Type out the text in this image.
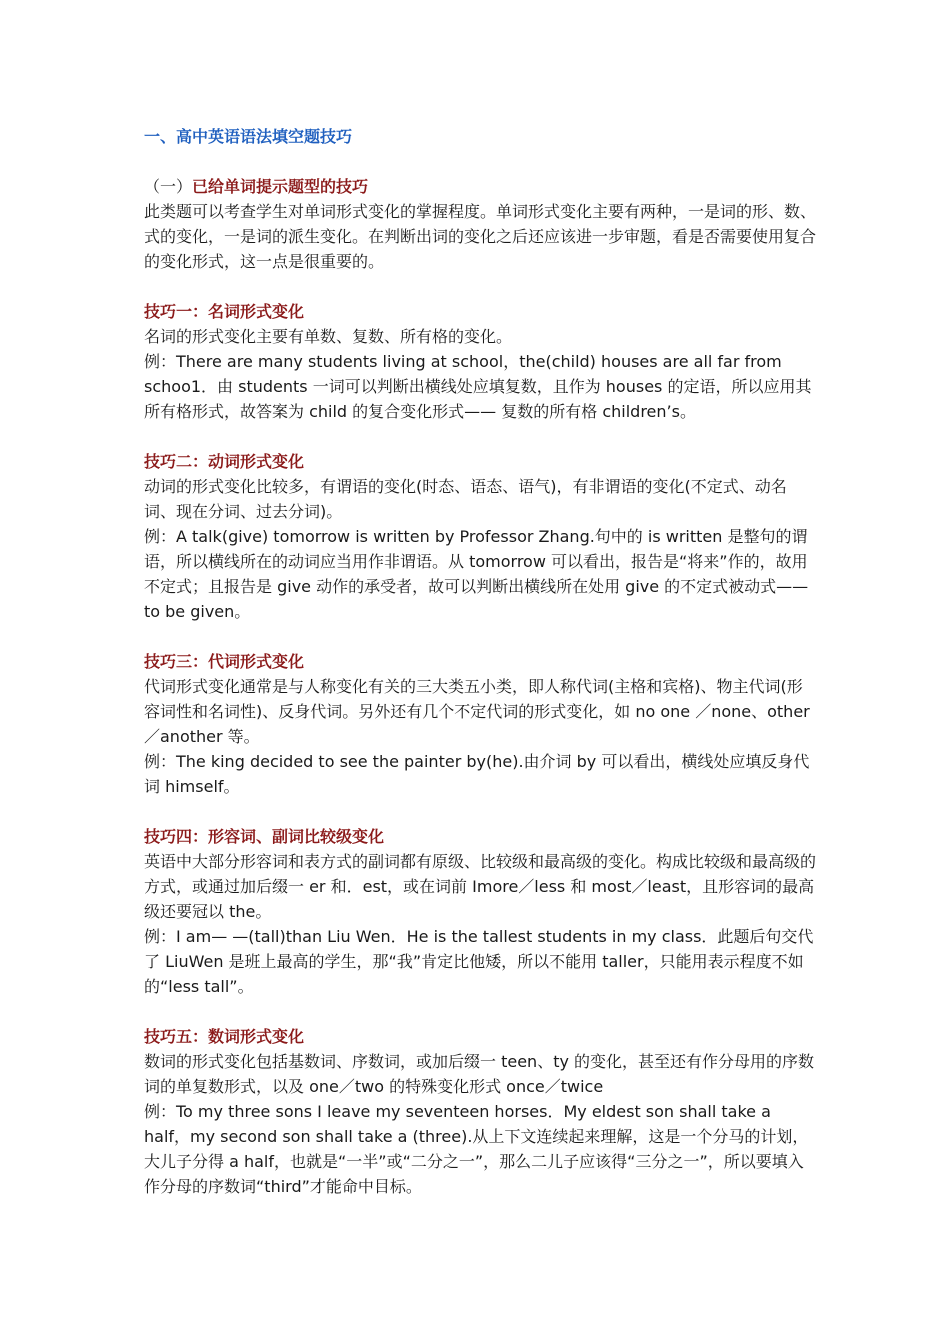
一、高中英语语法填空题技巧
（一）已给单词提示题型的技巧

此类题可以考查学生对单词形式变化的掌握程度。单词形式变化主要有两种，一是词的形、数、式的变化，一是词的派生变化。在判断出词的变化之后还应该进一步审题，看是否需要使用复合的变化形式，这一点是很重要的。

技巧一：名词形式变化

名词的形式变化主要有单数、复数、所有格的变化。

例：There are many students living at school，the(child) houses are all far from schoo1．由 students 一词可以判断出横线处应填复数，且作为 houses 的定语，所以应用其所有格形式，故答案为 child 的复合变化形式—— 复数的所有格 children’s。

技巧二：动词形式变化

动词的形式变化比较多，有谓语的变化(时态、语态、语气)，有非谓语的变化(不定式、动名词、现在分词、过去分词)。

例：A talk(give) tomorrow is written by Professor Zhang.句中的 is written 是整句的谓语，所以横线所在的动词应当用作非谓语。从 tomorrow 可以看出，报告是“将来”作的，故用不定式；且报告是 give 动作的承受者，故可以判断出横线所在处用 give 的不定式被动式——to be given。

技巧三：代词形式变化

代词形式变化通常是与人称变化有关的三大类五小类，即人称代词(主格和宾格)、物主代词(形容词性和名词性)、反身代词。另外还有几个不定代词的形式变化，如 no one ／none、other／another 等。

例：The king decided to see the painter by(he).由介词 by 可以看出，横线处应填反身代词 himself。

技巧四：形容词、副词比较级变化

英语中大部分形容词和表方式的副词都有原级、比较级和最高级的变化。构成比较级和最高级的方式，或通过加后缀一 er 和．est，或在词前 Imore／less 和 most／least，且形容词的最高级还要冠以 the。

例：I am— —(tall)than Liu Wen．He is the tallest students in my class．此题后句交代了 LiuWen 是班上最高的学生，那“我”肯定比他矮，所以不能用 taller，只能用表示程度不如的“less tall”。

技巧五：数词形式变化

数词的形式变化包括基数词、序数词，或加后缀一 teen、ty 的变化，甚至还有作分母用的序数词的单复数形式，以及 one／two 的特殊变化形式 once／twice

例：To my three sons I leave my seventeen horses．My eldest son shall take a half，my second son shall take a (three).从上下文连续起来理解，这是一个分马的计划，大儿子分得 a half，也就是“一半”或“二分之一”，那么二儿子应该得“三分之一”，所以要填入作分母的序数词“third”才能命中目标。
